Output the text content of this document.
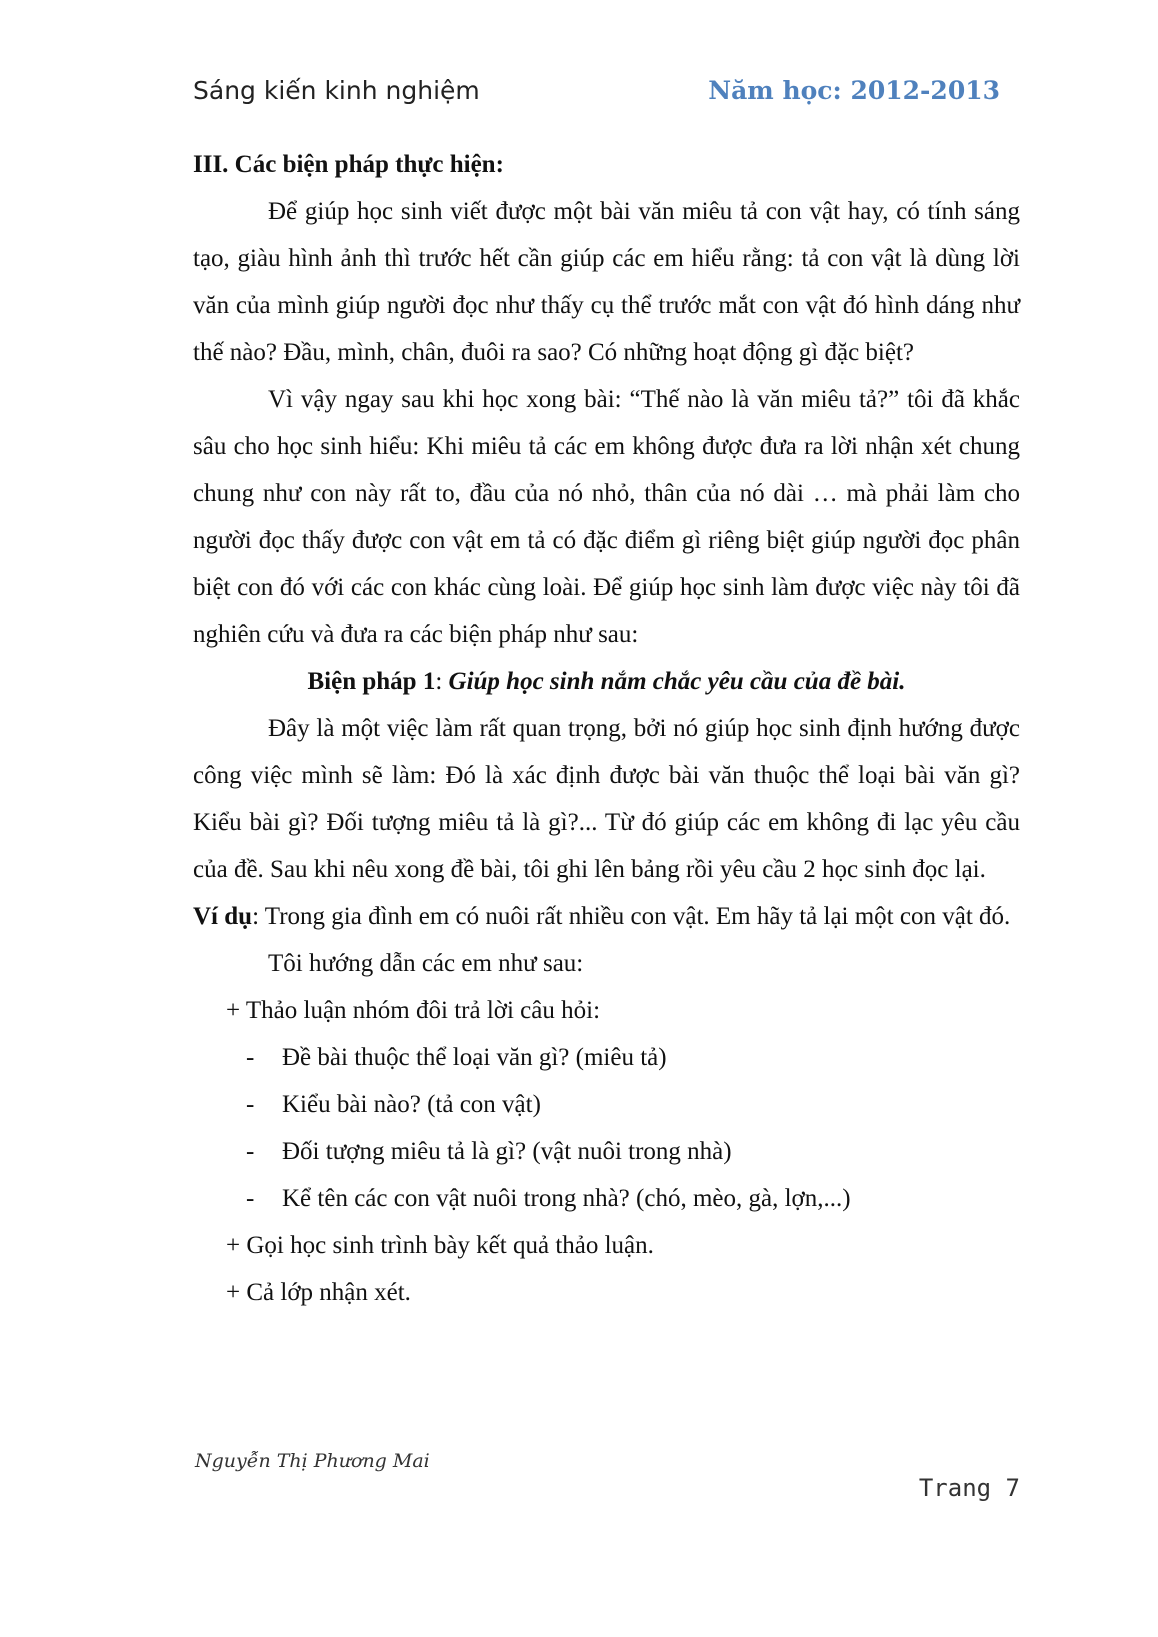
Sáng kiến kinh nghiệm	Năm học: 2012-2013

III. Các biện pháp thực hiện:

Để giúp học sinh viết được một bài văn miêu tả con vật hay, có tính sáng tạo, giàu hình ảnh thì trước hết cần giúp các em hiểu rằng: tả con vật là dùng lời văn của mình giúp người đọc như thấy cụ thể trước mắt con vật đó hình dáng như thế nào? Đầu, mình, chân, đuôi ra sao? Có những hoạt động gì đặc biệt?

Vì vậy ngay sau khi học xong bài: “Thế nào là văn miêu tả?” tôi đã khắc sâu cho học sinh hiểu: Khi miêu tả các em không được đưa ra lời nhận xét chung chung như con này rất to, đầu của nó nhỏ, thân của nó dài … mà phải làm cho người đọc thấy được con vật em tả có đặc điểm gì riêng biệt giúp người đọc phân biệt con đó với các con khác cùng loài. Để giúp học sinh làm được việc này tôi đã nghiên cứu và đưa ra các biện pháp như sau:

Biện pháp 1: Giúp học sinh nắm chắc yêu cầu của đề bài.

Đây là một việc làm rất quan trọng, bởi nó giúp học sinh định hướng được công việc mình sẽ làm: Đó là xác định được bài văn thuộc thể loại bài văn gì? Kiểu bài gì? Đối tượng miêu tả là gì?... Từ đó giúp các em không đi lạc yêu cầu của đề. Sau khi nêu xong đề bài, tôi ghi lên bảng rồi yêu cầu 2 học sinh đọc lại.

Ví dụ: Trong gia đình em có nuôi rất nhiều con vật. Em hãy tả lại một con vật đó.

Tôi hướng dẫn các em như sau:

+ Thảo luận nhóm đôi trả lời câu hỏi:

- Đề bài thuộc thể loại văn gì? (miêu tả)

- Kiểu bài nào? (tả con vật)

- Đối tượng miêu tả là gì? (vật nuôi trong nhà)

- Kể tên các con vật nuôi trong nhà? (chó, mèo, gà, lợn,...)

+ Gọi học sinh trình bày kết quả thảo luận.

+ Cả lớp nhận xét.

Nguyễn Thị Phương Mai
Trang 7
